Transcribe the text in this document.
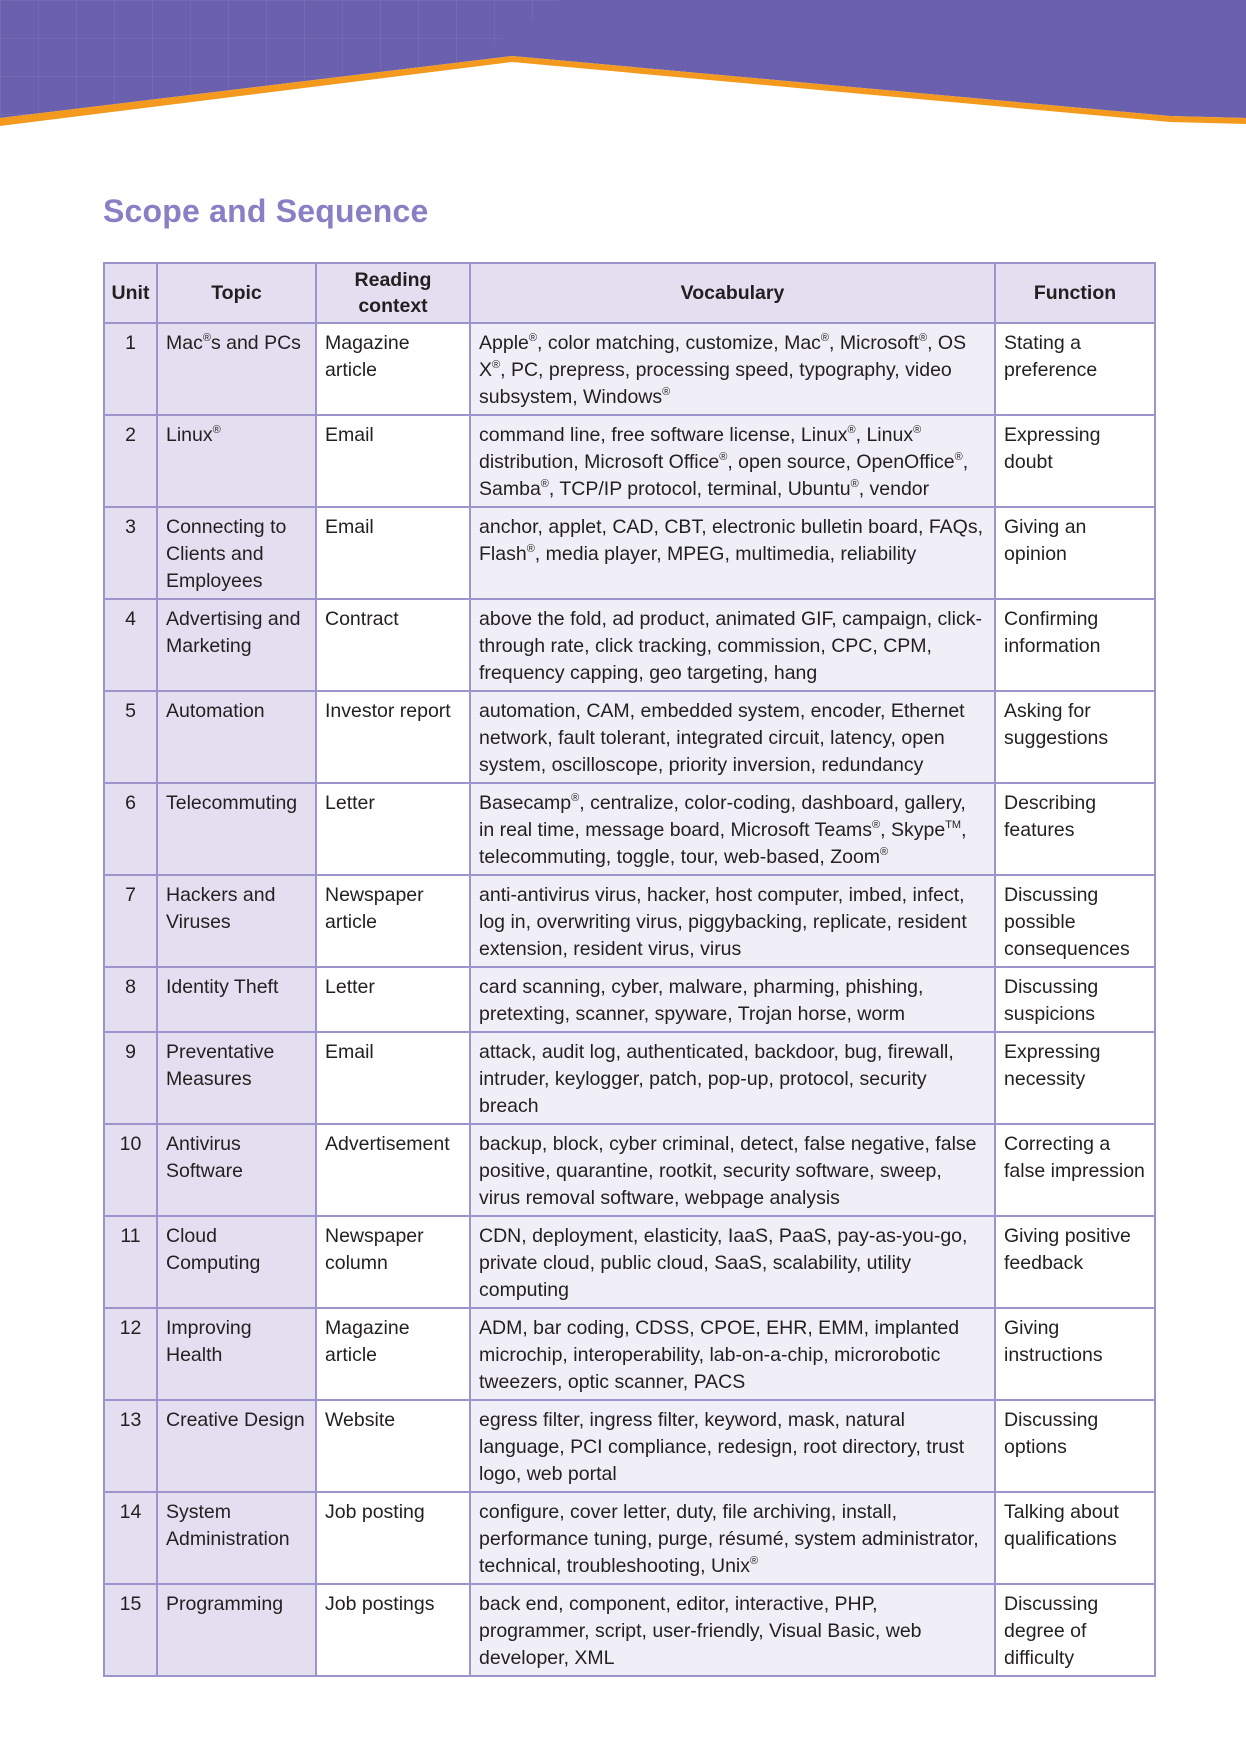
Scope and Sequence
Unit	Topic	Reading context	Vocabulary	Function
1	Mac®s and PCs	Magazine article	Apple®, color matching, customize, Mac®, Microsoft®, OS X®, PC, prepress, processing speed, typography, video subsystem, Windows®	Stating a preference
2	Linux®	Email	command line, free software license, Linux®, Linux® distribution, Microsoft Office®, open source, OpenOffice®, Samba®, TCP/IP protocol, terminal, Ubuntu®, vendor	Expressing doubt
3	Connecting to Clients and Employees	Email	anchor, applet, CAD, CBT, electronic bulletin board, FAQs, Flash®, media player, MPEG, multimedia, reliability	Giving an opinion
4	Advertising and Marketing	Contract	above the fold, ad product, animated GIF, campaign, click-through rate, click tracking, commission, CPC, CPM, frequency capping, geo targeting, hang	Confirming information
5	Automation	Investor report	automation, CAM, embedded system, encoder, Ethernet network, fault tolerant, integrated circuit, latency, open system, oscilloscope, priority inversion, redundancy	Asking for suggestions
6	Telecommuting	Letter	Basecamp®, centralize, color-coding, dashboard, gallery, in real time, message board, Microsoft Teams®, Skype™, telecommuting, toggle, tour, web-based, Zoom®	Describing features
7	Hackers and Viruses	Newspaper article	anti-antivirus virus, hacker, host computer, imbed, infect, log in, overwriting virus, piggybacking, replicate, resident extension, resident virus, virus	Discussing possible consequences
8	Identity Theft	Letter	card scanning, cyber, malware, pharming, phishing, pretexting, scanner, spyware, Trojan horse, worm	Discussing suspicions
9	Preventative Measures	Email	attack, audit log, authenticated, backdoor, bug, firewall, intruder, keylogger, patch, pop-up, protocol, security breach	Expressing necessity
10	Antivirus Software	Advertisement	backup, block, cyber criminal, detect, false negative, false positive, quarantine, rootkit, security software, sweep, virus removal software, webpage analysis	Correcting a false impression
11	Cloud Computing	Newspaper column	CDN, deployment, elasticity, IaaS, PaaS, pay-as-you-go, private cloud, public cloud, SaaS, scalability, utility computing	Giving positive feedback
12	Improving Health	Magazine article	ADM, bar coding, CDSS, CPOE, EHR, EMM, implanted microchip, interoperability, lab-on-a-chip, microrobotic tweezers, optic scanner, PACS	Giving instructions
13	Creative Design	Website	egress filter, ingress filter, keyword, mask, natural language, PCI compliance, redesign, root directory, trust logo, web portal	Discussing options
14	System Administration	Job posting	configure, cover letter, duty, file archiving, install, performance tuning, purge, résumé, system administrator, technical, troubleshooting, Unix®	Talking about qualifications
15	Programming	Job postings	back end, component, editor, interactive, PHP, programmer, script, user-friendly, Visual Basic, web developer, XML	Discussing degree of difficulty
